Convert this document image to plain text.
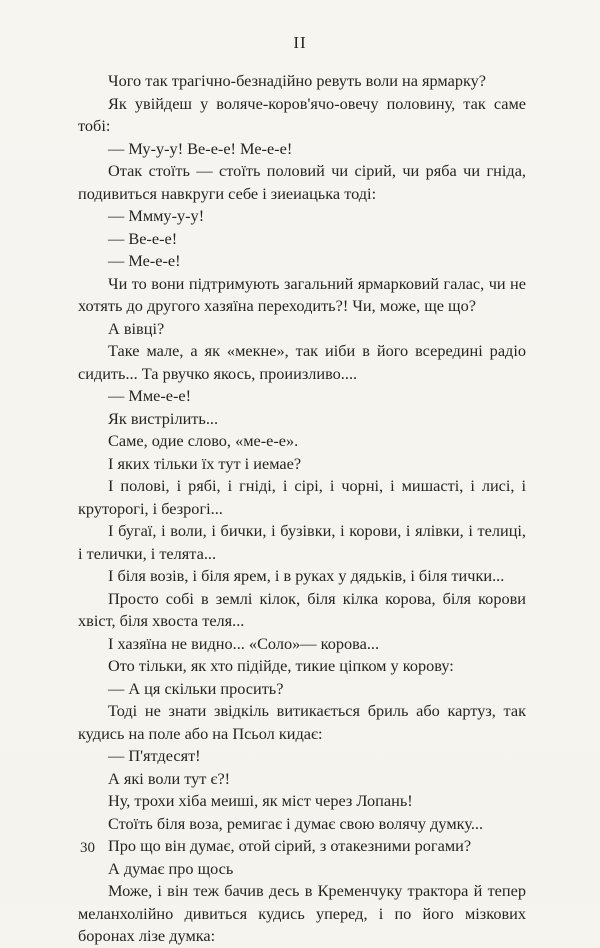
II

Чого так трагічно-безнадійно ревуть воли на ярмарку?

Як увійдеш у воляче-коров'ячо-овечу половину, так саме тобі:

— Му-у-у! Ве-е-е! Ме-е-е!

Отак стоїть — стоїть половий чи сірий, чи ряба чи гніда, подивиться навкруги себе і зиеиацька тоді:

— Ммму-у-у!

— Ве-е-е!

— Ме-е-е!

Чи то вони підтримують загальний ярмарковий галас, чи не хотять до другого хазяїна переходить?! Чи, може, ще що?

А вівці?

Таке мале, а як «мекне», так иіби в його всередині радіо сидить... Та рвучко якось, проиизливо....

— Мме-е-е!

Як вистрілить...

Саме, одие слово, «ме-е-е».

І яких тільки їх тут і иемае?

І полові, і рябі, і гніді, і сірі, і чорні, і мишасті, і лисі, і круторогі, і безрогі...

І бугаї, і воли, і бички, і бузівки, і корови, і ялівки, і телиці, і телички, і телята...

І біля возів, і біля ярем, і в руках у дядьків, і біля тички...

Просто собі в землі кілок, біля кілка корова, біля корови хвіст, біля хвоста теля...

І хазяїна не видно... «Соло»— корова...

Ото тільки, як хто підійде, тикие ціпком у корову:

— А ця скільки просить?

Тоді не знати звідкіль витикається бриль або картуз, так кудись на поле або на Псьол кидає:

— П'ятдесят!

А які воли тут є?!

Ну, трохи хіба меиші, як міст через Лопань!

Стоїть біля воза, ремигає і думає свою волячу думку...

Про що він думає, отой сірий, з отакезними рогами?

А думає про щось

Може, і він теж бачив десь в Кременчуку трактора й тепер меланхолійно дивиться кудись уперед, і по його мізкових боронах лізе думка:

30
